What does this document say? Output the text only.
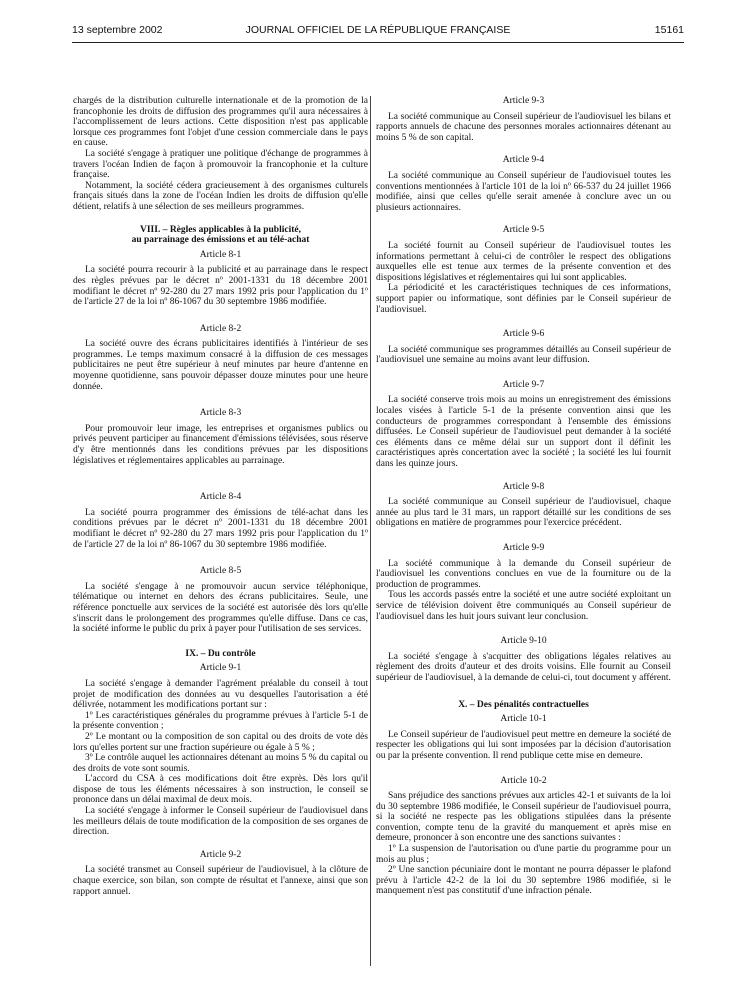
13 septembre 2002	JOURNAL OFFICIEL DE LA RÉPUBLIQUE FRANÇAISE	15161

chargés de la distribution culturelle internationale et de la promotion de la francophonie les droits de diffusion des programmes qu'il aura nécessaires à l'accomplissement de leurs actions. Cette disposition n'est pas applicable lorsque ces programmes font l'objet d'une cession commerciale dans le pays en cause.

La société s'engage à pratiquer une politique d'échange de programmes à travers l'océan Indien de façon à promouvoir la francophonie et la culture française.

Notamment, la société cédera gracieusement à des organismes culturels français situés dans la zone de l'océan Indien les droits de diffusion qu'elle détient, relatifs à une sélection de ses meilleurs programmes.

VIII. – Règles applicables à la publicité,
au parrainage des émissions et au télé-achat
Article 8-1

La société pourra recourir à la publicité et au parrainage dans le respect des règles prévues par le décret nº 2001-1331 du 18 décembre 2001 modifiant le décret nº 92-280 du 27 mars 1992 pris pour l'application du 1º de l'article 27 de la loi nº 86-1067 du 30 septembre 1986 modifiée.

Article 8-2

La société ouvre des écrans publicitaires identifiés à l'intérieur de ses programmes. Le temps maximum consacré à la diffusion de ces messages publicitaires ne peut être supérieur à neuf minutes par heure d'antenne en moyenne quotidienne, sans pouvoir dépasser douze minutes pour une heure donnée.

Article 8-3

Pour promouvoir leur image, les entreprises et organismes publics ou privés peuvent participer au financement d'émissions télévisées, sous réserve d'y être mentionnés dans les conditions prévues par les dispositions législatives et réglementaires applicables au parrainage.

Article 8-4

La société pourra programmer des émissions de télé-achat dans les conditions prévues par le décret nº 2001-1331 du 18 décembre 2001 modifiant le décret nº 92-280 du 27 mars 1992 pris pour l'application du 1º de l'article 27 de la loi nº 86-1067 du 30 septembre 1986 modifiée.

Article 8-5

La société s'engage à ne promouvoir aucun service téléphonique, télématique ou internet en dehors des écrans publicitaires. Seule, une référence ponctuelle aux services de la société est autorisée dès lors qu'elle s'inscrit dans le prolongement des programmes qu'elle diffuse. Dans ce cas, la société informe le public du prix à payer pour l'utilisation de ses services.

IX. – Du contrôle
Article 9-1

La société s'engage à demander l'agrément préalable du conseil à tout projet de modification des données au vu desquelles l'autorisation a été délivrée, notamment les modifications portant sur :

1º Les caractéristiques générales du programme prévues à l'article 5-1 de la présente convention ;

2º Le montant ou la composition de son capital ou des droits de vote dès lors qu'elles portent sur une fraction supérieure ou égale à 5 % ;

3º Le contrôle auquel les actionnaires détenant au moins 5 % du capital ou des droits de vote sont soumis.

L'accord du CSA à ces modifications doit être exprès. Dès lors qu'il dispose de tous les éléments nécessaires à son instruction, le conseil se prononce dans un délai maximal de deux mois.

La société s'engage à informer le Conseil supérieur de l'audiovisuel dans les meilleurs délais de toute modification de la composition de ses organes de direction.

Article 9-2

La société transmet au Conseil supérieur de l'audiovisuel, à la clôture de chaque exercice, son bilan, son compte de résultat et l'annexe, ainsi que son rapport annuel.

Article 9-3

La société communique au Conseil supérieur de l'audiovisuel les bilans et rapports annuels de chacune des personnes morales actionnaires détenant au moins 5 % de son capital.

Article 9-4

La société communique au Conseil supérieur de l'audiovisuel toutes les conventions mentionnées à l'article 101 de la loi nº 66-537 du 24 juillet 1966 modifiée, ainsi que celles qu'elle serait amenée à conclure avec un ou plusieurs actionnaires.

Article 9-5

La société fournit au Conseil supérieur de l'audiovisuel toutes les informations permettant à celui-ci de contrôler le respect des obligations auxquelles elle est tenue aux termes de la présente convention et des dispositions législatives et réglementaires qui lui sont applicables.

La périodicité et les caractéristiques techniques de ces informations, support papier ou informatique, sont définies par le Conseil supérieur de l'audiovisuel.

Article 9-6

La société communique ses programmes détaillés au Conseil supérieur de l'audiovisuel une semaine au moins avant leur diffusion.

Article 9-7

La société conserve trois mois au moins un enregistrement des émissions locales visées à l'article 5-1 de la présente convention ainsi que les conducteurs de programmes correspondant à l'ensemble des émissions diffusées. Le Conseil supérieur de l'audiovisuel peut demander à la société ces éléments dans ce même délai sur un support dont il définit les caractéristiques après concertation avec la société ; la société les lui fournit dans les quinze jours.

Article 9-8

La société communique au Conseil supérieur de l'audiovisuel, chaque année au plus tard le 31 mars, un rapport détaillé sur les conditions de ses obligations en matière de programmes pour l'exercice précédent.

Article 9-9

La société communique à la demande du Conseil supérieur de l'audiovisuel les conventions conclues en vue de la fourniture ou de la production de programmes.

Tous les accords passés entre la société et une autre société exploitant un service de télévision doivent être communiqués au Conseil supérieur de l'audiovisuel dans les huit jours suivant leur conclusion.

Article 9-10

La société s'engage à s'acquitter des obligations légales relatives au règlement des droits d'auteur et des droits voisins. Elle fournit au Conseil supérieur de l'audiovisuel, à la demande de celui-ci, tout document y afférent.

X. – Des pénalités contractuelles
Article 10-1

Le Conseil supérieur de l'audiovisuel peut mettre en demeure la société de respecter les obligations qui lui sont imposées par la décision d'autorisation ou par la présente convention. Il rend publique cette mise en demeure.

Article 10-2

Sans préjudice des sanctions prévues aux articles 42-1 et suivants de la loi du 30 septembre 1986 modifiée, le Conseil supérieur de l'audiovisuel pourra, si la société ne respecte pas les obligations stipulées dans la présente convention, compte tenu de la gravité du manquement et après mise en demeure, prononcer à son encontre une des sanctions suivantes :

1º La suspension de l'autorisation ou d'une partie du programme pour un mois au plus ;

2º Une sanction pécuniaire dont le montant ne pourra dépasser le plafond prévu à l'article 42-2 de la loi du 30 septembre 1986 modifiée, si le manquement n'est pas constitutif d'une infraction pénale.
